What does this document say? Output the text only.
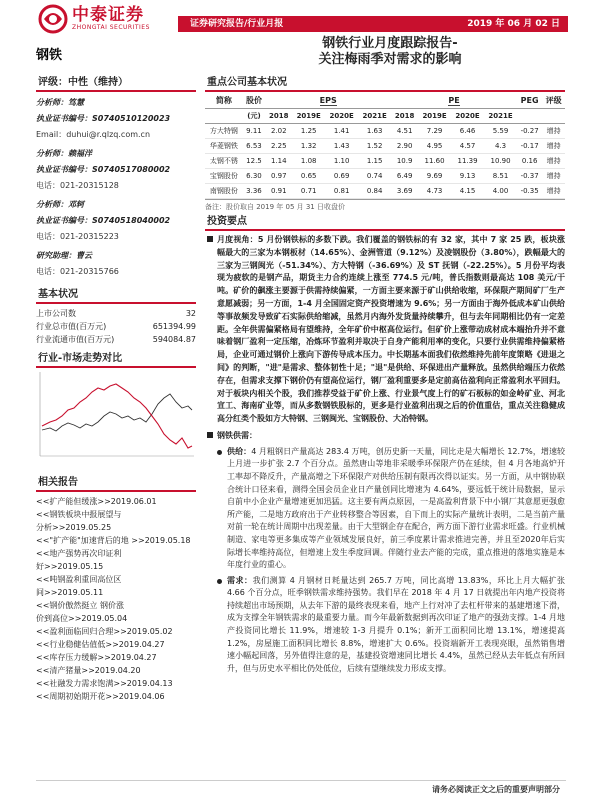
中泰证券
ZHONGTAI SECURITIES	证券研究报告/行业月报	2019 年 06 月 02 日
钢铁
钢铁行业月度跟踪报告-
关注梅雨季对需求的影响
评级：中性（维持）
分析师：笃慧
执业证书编号：S0740510120023
Email：duhui@r.qlzq.com.cn
分析师：赖福洋
执业证书编号：S0740517080002
电话：021-20315128
分析师：邓轲
执业证书编号：S0740518040002
电话：021-20315223
研究助理：曹云
电话：021-20315766
基本状况
上市公司数	32
行业总市值(百万元)	651394.99
行业流通市值(百万元)	594084.87
行业-市场走势对比
相关报告
<<扩产能但缓涨>>2019.06.01
<<钢铁板块中报展望与
分析>>2019.05.25
<<"扩产能"加速背后的地 >>2019.05.18
<<地产强势再次印证利
好>>2019.05.15
<<吨钢盈利重回高位区
间>>2019.05.11
<<钢价傲然挺立 钢价涨
价到高位>>2019.05.04
<<盈利面临回归合理>>2019.05.02
<<行业稳健估值低>>2019.04.27
<<库存压力缓解>>2019.04.27
<<清产猪量>>2019.04.20
<<社融发力需求饱满>>2019.04.13
<<周期初始期开花>>2019.04.06
重点公司基本状况
简称	股价	EPS				PE				PEG	评级
	(元)	2018	2019E	2020E	2021E	2018	2019E	2020E	2021E		
方大特钢	9.11	2.02	1.25	1.41	1.63	4.51	7.29	6.46	5.59	-0.27	增持
华菱钢铁	6.53	2.25	1.32	1.43	1.52	2.90	4.95	4.57	4.3	-0.17	增持
太钢不锈	12.5	1.14	1.08	1.10	1.15	10.9	11.60	11.39	10.90	0.16	增持
宝钢股份	6.30	0.97	0.65	0.69	0.74	6.49	9.69	9.13	8.51	-0.37	增持
南钢股份	3.36	0.91	0.71	0.81	0.84	3.69	4.73	4.15	4.00	-0.35	增持
备注：股价取自 2019 年 05 月 31 日收盘价
投资要点
月度视角：5 月份钢铁标的多数下跌。我们覆盖的钢铁标的有 32 家，其中 7 家 25 跌，板块涨幅最大的三家为本钢板材（14.65%）、金洲管道（9.12%）及凌钢股份（3.80%），跌幅最大的三家为三钢闽光（-51.34%）、方大特钢（-36.69%）及 ST 抚钢（-22.25%）。5 月份平均表现为疲软的是钢产品，期货主力合约连续上涨至 774.5 元/吨，普氏指数则最高达 108 美元/干吨。矿价的飙涨主要源于供需持续偏紧，一方面主要来源于矿山供给收缩，环保限产期间矿厂生产意愿减弱；另一方面，1-4 月全国固定资产投资增速为 9.6%；另一方面由于海外低成本矿山供给等事故频发导致矿石实际供给缩减，虽然月内海外发货量持续攀升，但与去年同期相比仍有一定差距。全年供需偏紧格局有望维持，全年矿价中枢高位运行。但矿价上涨带动成材成本端抬升并不意味着钢厂盈利一定压缩，冶炼环节盈利并取决于自身产能利用率的变化，只要行业供需维持偏紧格局，企业可通过钢价上涨向下游传导成本压力。中长期基本面我们依然维持先前年度策略《进退之间》的判断，"进"是需求、整体韧性十足；"退"是供给、环保进出产量释放。虽然供给端压力依然存在，但需求支撑下钢价仍有望高位运行，钢厂盈利重要多是定前高估盈利向正常盈利水平回归。对于板块内相关个股，我们推荐受益于矿价上涨、行业景气度上行的矿石板标的如金岭矿业、河北宣工、海南矿业等，而从多数钢铁股标的，更多是行业盈利出现之后的价值重估，重点关注稳健成高分红类个股如方大特钢、三钢闽光、宝钢股份、大冶特钢。
钢铁供需：
供给：4 月粗钢日产量高达 283.4 万吨，创历史新一天量，同比走是大幅增长 12.7%，增速较上月进一步扩张 2.7 个百分点。虽然唐山等地非采暖季环保限产仍在延续，但 4 月各地高炉开工率却不降反升，产量高增之下环保限产对供给压制有限再次得以证实。另一方面，从中钢协联合统计口径来看，测得全国会员企业日产量创同比增速为 4.64%，要远低于统计局数据，显示自前中小企业产量增速更加迅猛。这主要有两点原因，一是高盈利背景下中小钢厂其意愿更强愈所产能，二是地方政府出于产业转移整合等因素，自下而上的实际产量统计表明，二是当前产量对前一轮在统计周期中出现差量。由于大型钢企存在配合，两方面下游行业需求旺盛。行业机械制造、家电等更多集成等产业领域发展良好，前三季度累计需求推进完善，并且至2020年后实际增长率维持高位，但增速上发生季度回调。伴随行业去产能的完成，重点推进的落地实施是本年度行业的重心。
需求：我们测算 4 月钢材日耗量达到 265.7 万吨，同比高增 13.83%，环比上月大幅扩张 4.66 个百分点，旺季钢铁需求维持强势。我们早在 2018 年 4 月 17 日就提出年内地产投资将持续超出市场预期，从去年下游的最终表现来看，地产上行对冲了去杠杆带来的基建增速下滑，成为支撑全年钢铁需求的最重要力量。而今年最新数据到再次印证了地产的强劲支撑。1-4 月地产投资同比增长 11.9%，增速较 1-3 月提升 0.1%；新开工面积同比增 13.1%，增速提高 1.2%，房屋施工面积同比增长 8.8%，增速扩大 0.6%。投资端新开工表现亮眼，虽然销售增速小幅起回落，另外值得注意的是，基建投资增速同比增长 4.4%，虽然已经从去年低点有所回升，但与历史水平相比仍处低位，后续有望继续发力形成支撑。
请务必阅读正文之后的重要声明部分
